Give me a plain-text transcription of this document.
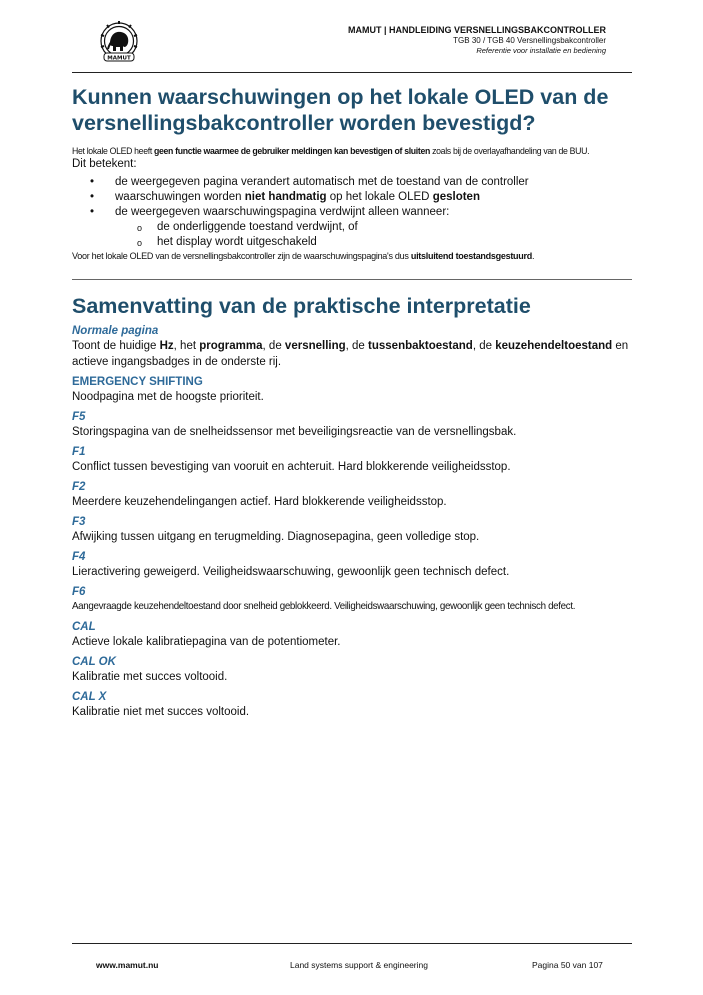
MAMUT
MAMUT | HANDLEIDING VERSNELLINGSBAKCONTROLLER
TGB 30 / TGB 40 Versnellingsbakcontroller
Referentie voor installatie en bediening
Kunnen waarschuwingen op het lokale OLED van de versnellingsbakcontroller worden bevestigd?

Het lokale OLED heeft geen functie waarmee de gebruiker meldingen kan bevestigen of sluiten zoals bij de overlayafhandeling van de BUU.

Dit betekent:

• de weergegeven pagina verandert automatisch met de toestand van de controller
• waarschuwingen worden niet handmatig op het lokale OLED gesloten
• de weergegeven waarschuwingspagina verdwijnt alleen wanneer:
o de onderliggende toestand verdwijnt, of
o het display wordt uitgeschakeld

Voor het lokale OLED van de versnellingsbakcontroller zijn de waarschuwingspagina's dus uitsluitend toestandsgestuurd.

Samenvatting van de praktische interpretatie
Normale pagina
Toont de huidige Hz, het programma, de versnelling, de tussenbaktoestand, de keuzehendeltoestand en actieve ingangsbadges in de onderste rij.
EMERGENCY SHIFTING
Noodpagina met de hoogste prioriteit.
F5
Storingspagina van de snelheidssensor met beveiligingsreactie van de versnellingsbak.
F1
Conflict tussen bevestiging van vooruit en achteruit. Hard blokkerende veiligheidsstop.
F2
Meerdere keuzehendelingangen actief. Hard blokkerende veiligheidsstop.
F3
Afwijking tussen uitgang en terugmelding. Diagnosepagina, geen volledige stop.
F4
Lieractivering geweigerd. Veiligheidswaarschuwing, gewoonlijk geen technisch defect.
F6
Aangevraagde keuzehendeltoestand door snelheid geblokkeerd. Veiligheidswaarschuwing, gewoonlijk geen technisch defect.
CAL
Actieve lokale kalibratiepagina van de potentiometer.
CAL OK
Kalibratie met succes voltooid.
CAL X
Kalibratie niet met succes voltooid.
www.mamut.nu	Land systems support & engineering	Pagina 50 van 107
